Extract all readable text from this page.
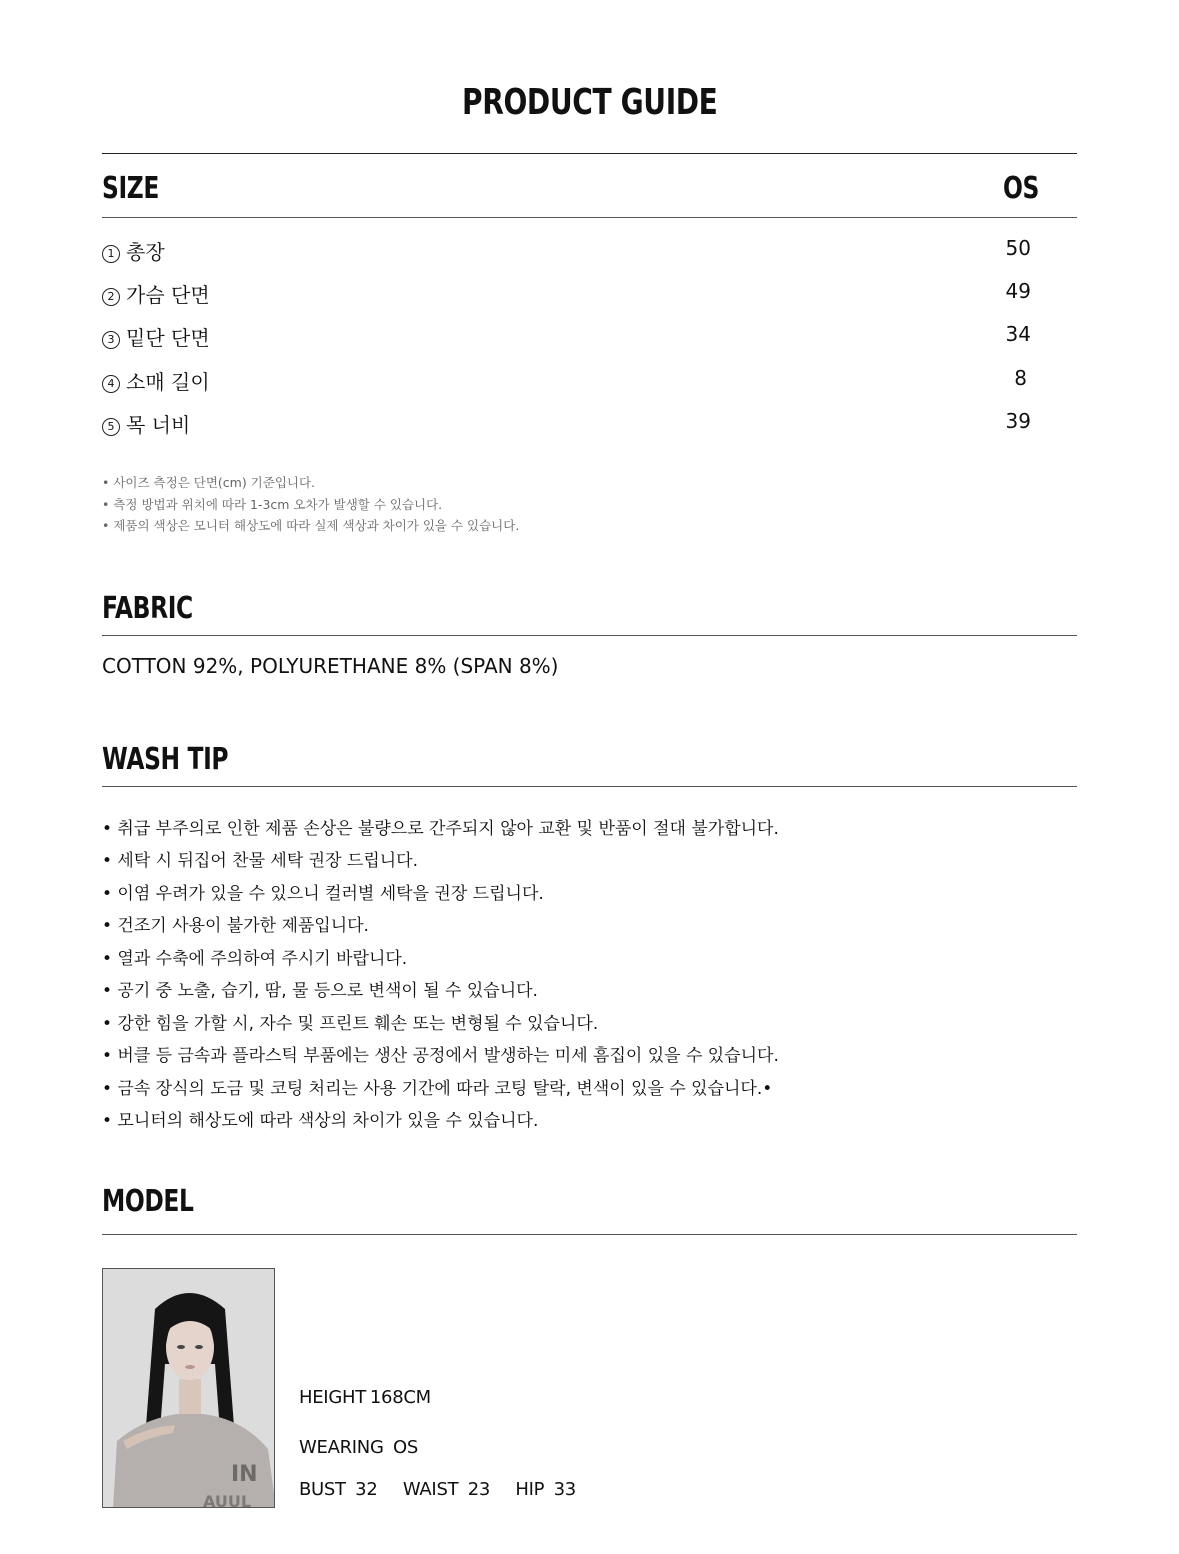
PRODUCT GUIDE
SIZE	OS
1 총장	50
2 가슴 단면	49
3 밑단 단면	34
4 소매 길이	8
5 목 너비	39
• 사이즈 측정은 단면(cm) 기준입니다.
• 측정 방법과 위치에 따라 1-3cm 오차가 발생할 수 있습니다.
• 제품의 색상은 모니터 해상도에 따라 실제 색상과 차이가 있을 수 있습니다.
FABRIC
COTTON 92%, POLYURETHANE 8% (SPAN 8%)
WASH TIP
• 취급 부주의로 인한 제품 손상은 불량으로 간주되지 않아 교환 및 반품이 절대 불가합니다.
• 세탁 시 뒤집어 찬물 세탁 권장 드립니다.
• 이염 우려가 있을 수 있으니 컬러별 세탁을 권장 드립니다.
• 건조기 사용이 불가한 제품입니다.
• 열과 수축에 주의하여 주시기 바랍니다.
• 공기 중 노출, 습기, 땀, 물 등으로 변색이 될 수 있습니다.
• 강한 힘을 가할 시, 자수 및 프린트 훼손 또는 변형될 수 있습니다.
• 버클 등 금속과 플라스틱 부품에는 생산 공정에서 발생하는 미세 흠집이 있을 수 있습니다.
• 금속 장식의 도금 및 코팅 처리는 사용 기간에 따라 코팅 탈락, 변색이 있을 수 있습니다.•
• 모니터의 해상도에 따라 색상의 차이가 있을 수 있습니다.
MODEL
IN
AUUL
HEIGHT 168CM
WEARING OS
BUST 32 WAIST 23 HIP 33
